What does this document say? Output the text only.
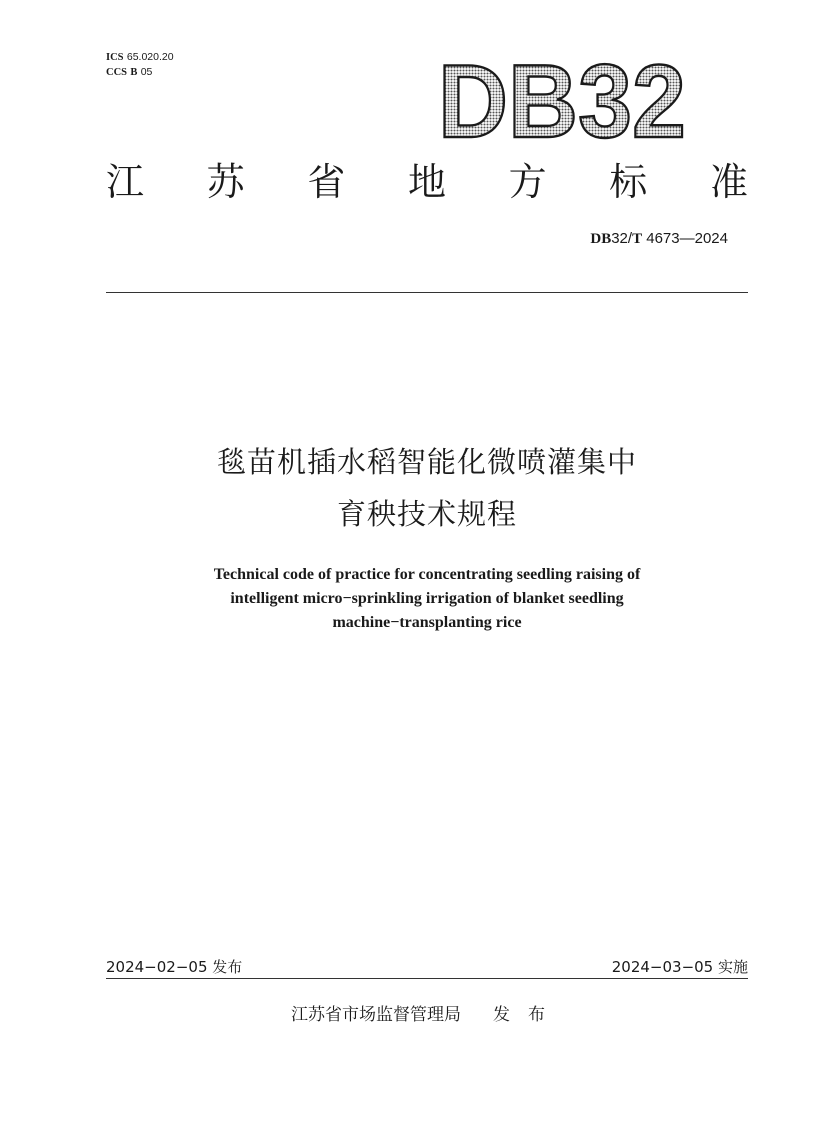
ICS 65.020.20
CCS B 05	DB32
江 苏 省 地 方 标 准
DB32/T 4673—2024
毯苗机插水稻智能化微喷灌集中
育秧技术规程
Technical code of practice for concentrating seedling raising of
intelligent micro−sprinkling irrigation of blanket seedling
machine−transplanting rice
2024−02−05 发布	2024−03−05 实施
江苏省市场监督管理局 发布
